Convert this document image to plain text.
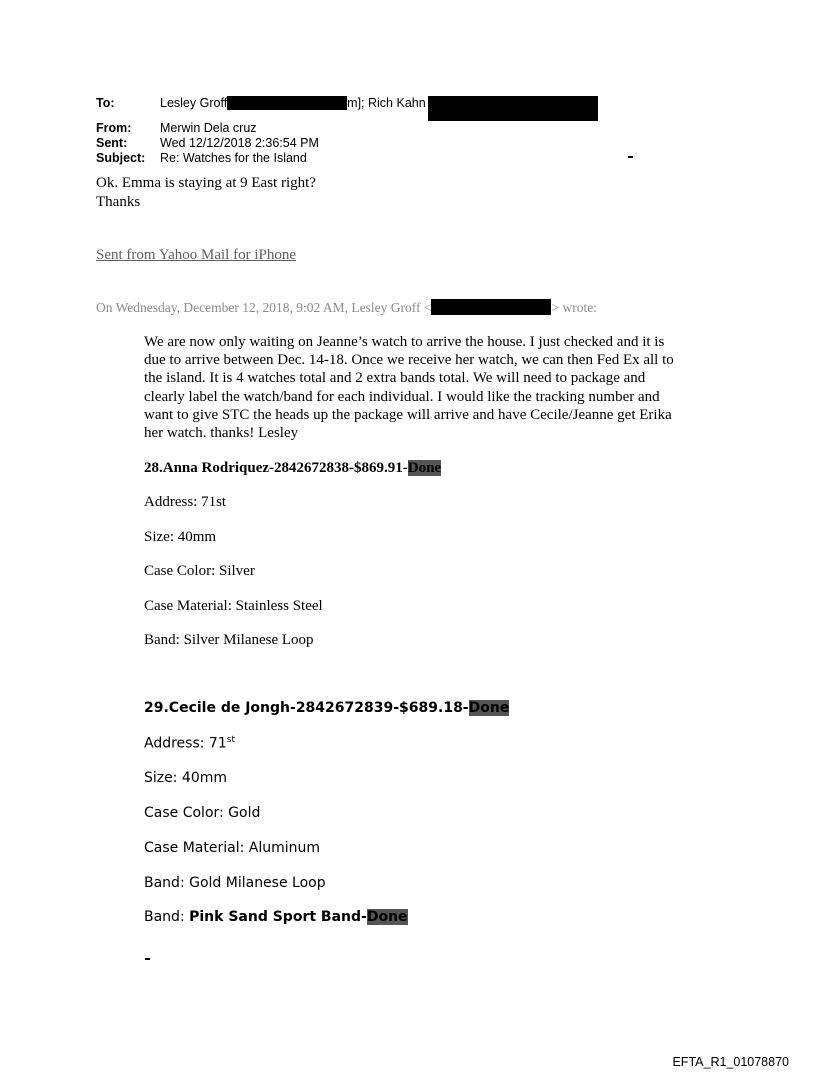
To:	Lesley Groff	m]; Rich Kahn
From:	Merwin Dela cruz
Sent:	Wed 12/12/2018 2:36:54 PM
Subject:	Re: Watches for the Island
Ok. Emma is staying at 9 East right?
Thanks
Sent from Yahoo Mail for iPhone
On Wednesday, December 12, 2018, 9:02 AM, Lesley Groff <	> wrote:
We are now only waiting on Jeanne’s watch to arrive the house. I just checked and it is due to arrive between Dec. 14-18. Once we receive her watch, we can then Fed Ex all to the island. It is 4 watches total and 2 extra bands total. We will need to package and clearly label the watch/band for each individual. I would like the tracking number and want to give STC the heads up the package will arrive and have Cecile/Jeanne get Erika her watch. thanks! Lesley
28.Anna Rodriquez-2842672838-$869.91-Done
Address: 71st
Size: 40mm
Case Color: Silver
Case Material: Stainless Steel
Band: Silver Milanese Loop
29.Cecile de Jongh-2842672839-$689.18-Done
Address: 71st
Size: 40mm
Case Color: Gold
Case Material: Aluminum
Band: Gold Milanese Loop
Band: Pink Sand Sport Band-Done
EFTA_R1_01078870
